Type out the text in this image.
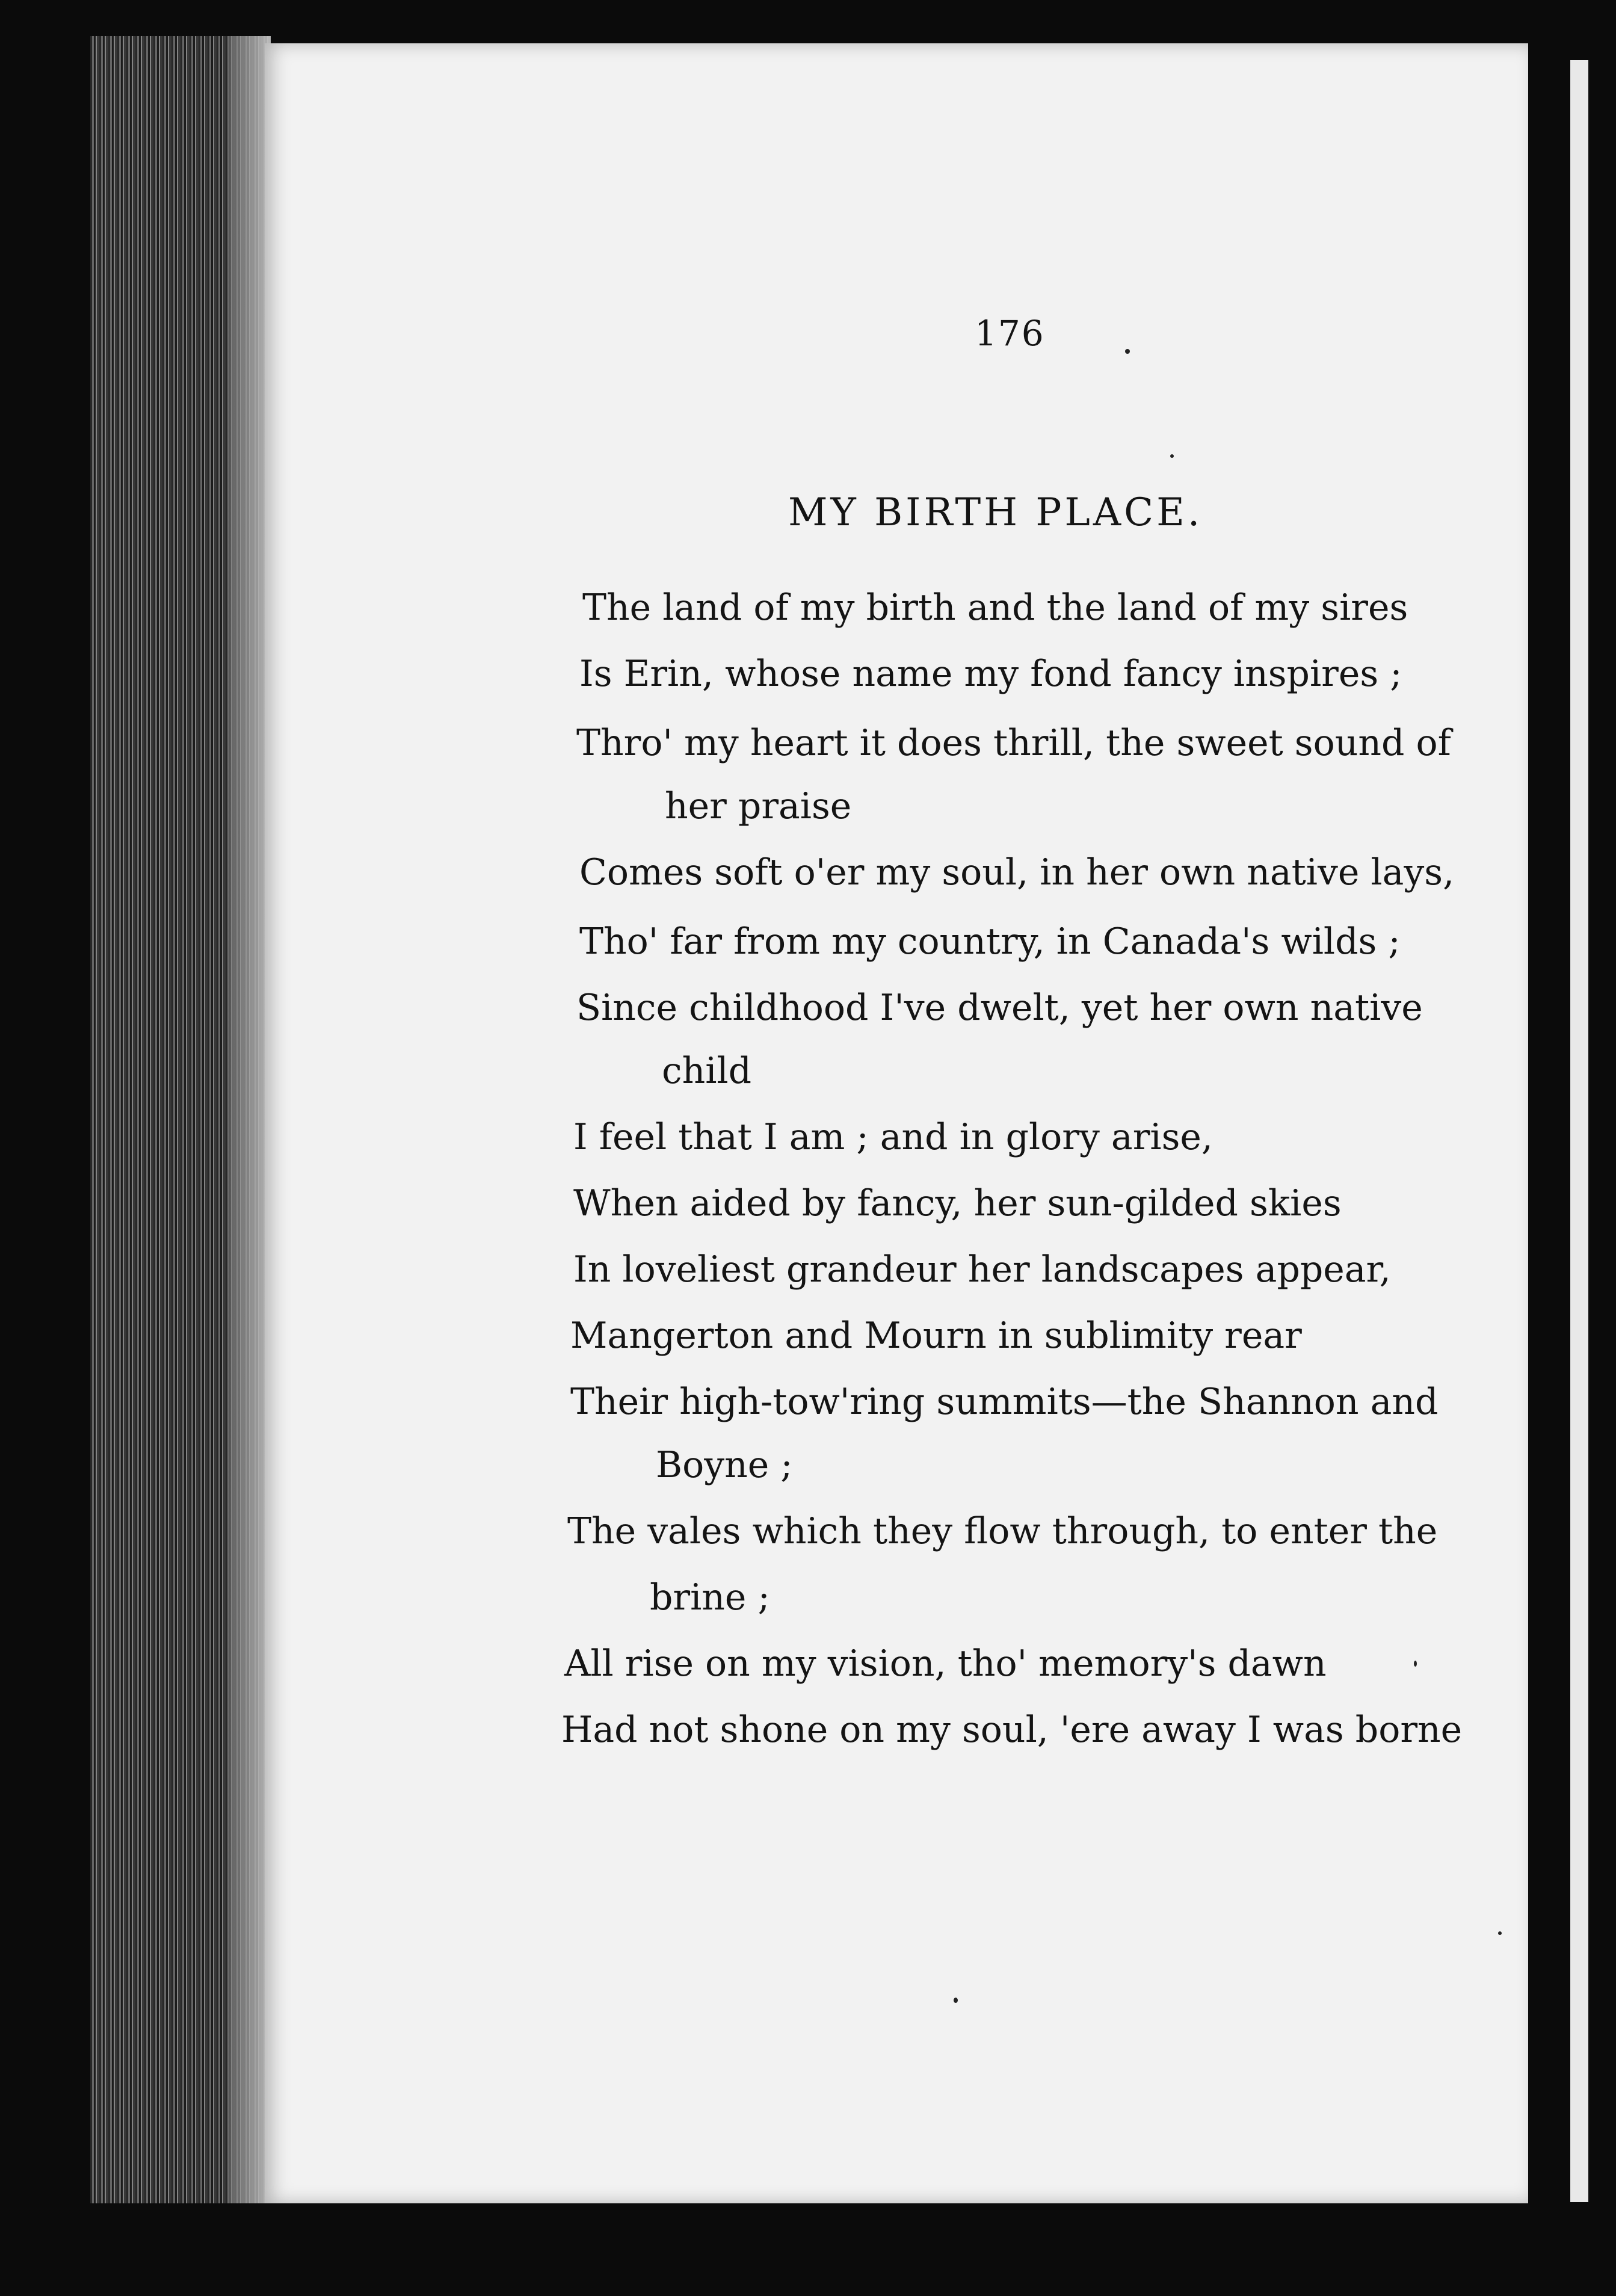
176
MY BIRTH PLACE.
The land of my birth and the land of my sires
Is Erin, whose name my fond fancy inspires ;
Thro' my heart it does thrill, the sweet sound of
her praise
Comes soft o'er my soul, in her own native lays,
Tho' far from my country, in Canada's wilds ;
Since childhood I've dwelt, yet her own native
child
I feel that I am ; and in glory arise,
When aided by fancy, her sun-gilded skies
In loveliest grandeur her landscapes appear,
Mangerton and Mourn in sublimity rear
Their high-tow'ring summits—the Shannon and
Boyne ;
The vales which they flow through, to enter the
brine ;
All rise on my vision, tho' memory's dawn
Had not shone on my soul, 'ere away I was borne
